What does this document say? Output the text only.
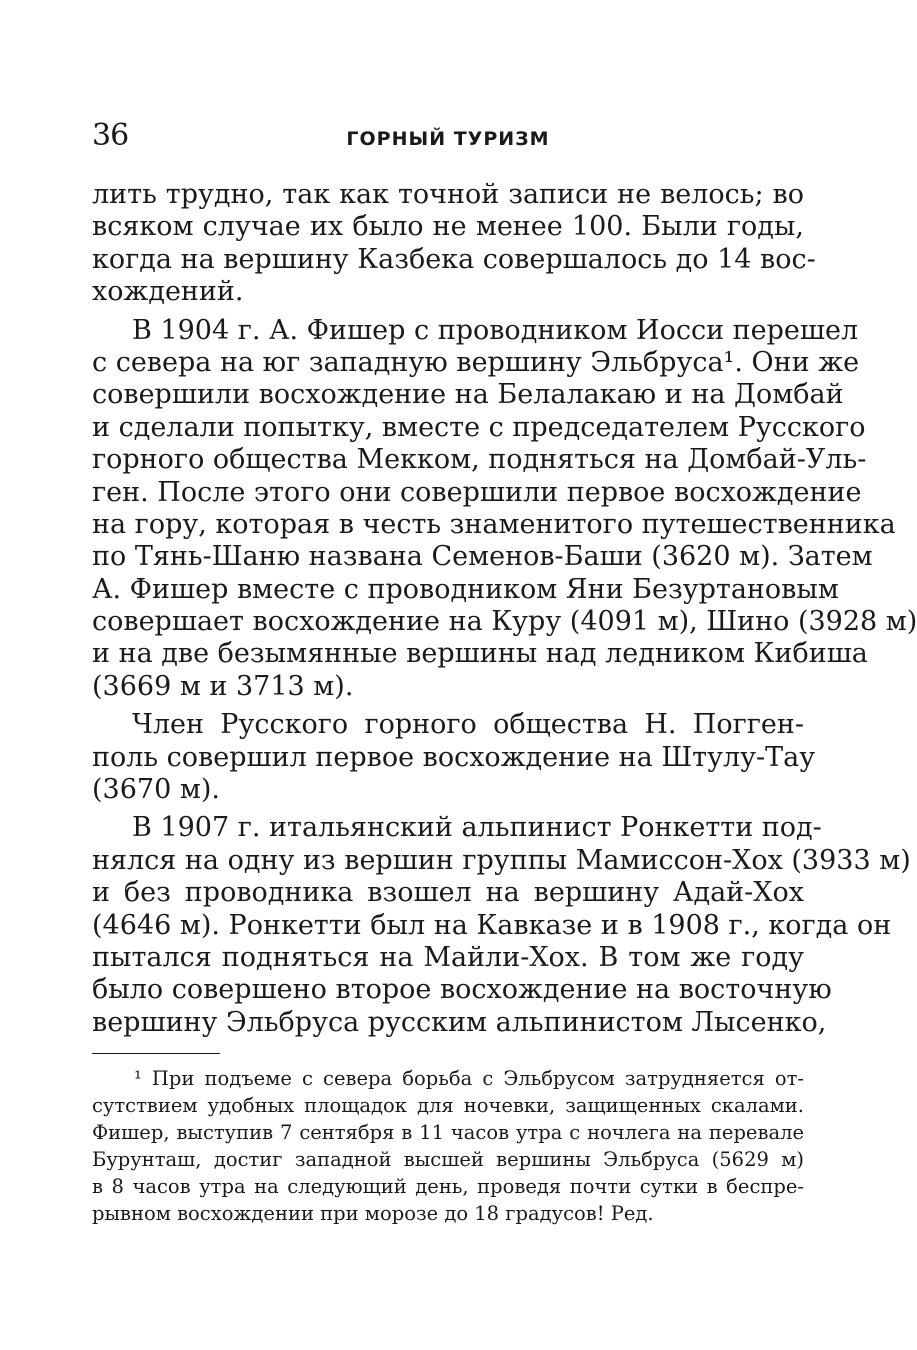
36	ГОРНЫЙ ТУРИЗМ
лить трудно, так как точной записи не велось; во
всяком случае их было не менее 100. Были годы,
когда на вершину Казбека совершалось до 14 вос-
хождений.
В 1904 г. А. Фишер с проводником Иосси перешел
с севера на юг западную вершину Эльбруса¹. Они же
совершили восхождение на Белалакаю и на Домбай
и сделали попытку, вместе с председателем Русского
горного общества Мекком, подняться на Домбай-Уль-
ген. После этого они совершили первое восхождение
на гору, которая в честь знаменитого путешественника
по Тянь-Шаню названа Семенов-Баши (3620 м). Затем
А. Фишер вместе с проводником Яни Безуртановым
совершает восхождение на Куру (4091 м), Шино (3928 м)
и на две безымянные вершины над ледником Кибиша
(3669 м и 3713 м).
Член Русского горного общества Н. Погген-
поль совершил первое восхождение на Штулу-Тау
(3670 м).
В 1907 г. итальянский альпинист Ронкетти под-
нялся на одну из вершин группы Мамиссон-Хох (3933 м)
и без проводника взошел на вершину Адай-Хох
(4646 м). Ронкетти был на Кавказе и в 1908 г., когда он
пытался подняться на Майли-Хох. В том же году
было совершено второе восхождение на восточную
вершину Эльбруса русским альпинистом Лысенко,
¹ При подъеме с севера борьба с Эльбрусом затрудняется от-
сутствием удобных площадок для ночевки, защищенных скалами.
Фишер, выступив 7 сентября в 11 часов утра с ночлега на перевале
Бурунташ, достиг западной высшей вершины Эльбруса (5629 м)
в 8 часов утра на следующий день, проведя почти сутки в беспре-
рывном восхождении при морозе до 18 градусов! Ред.
